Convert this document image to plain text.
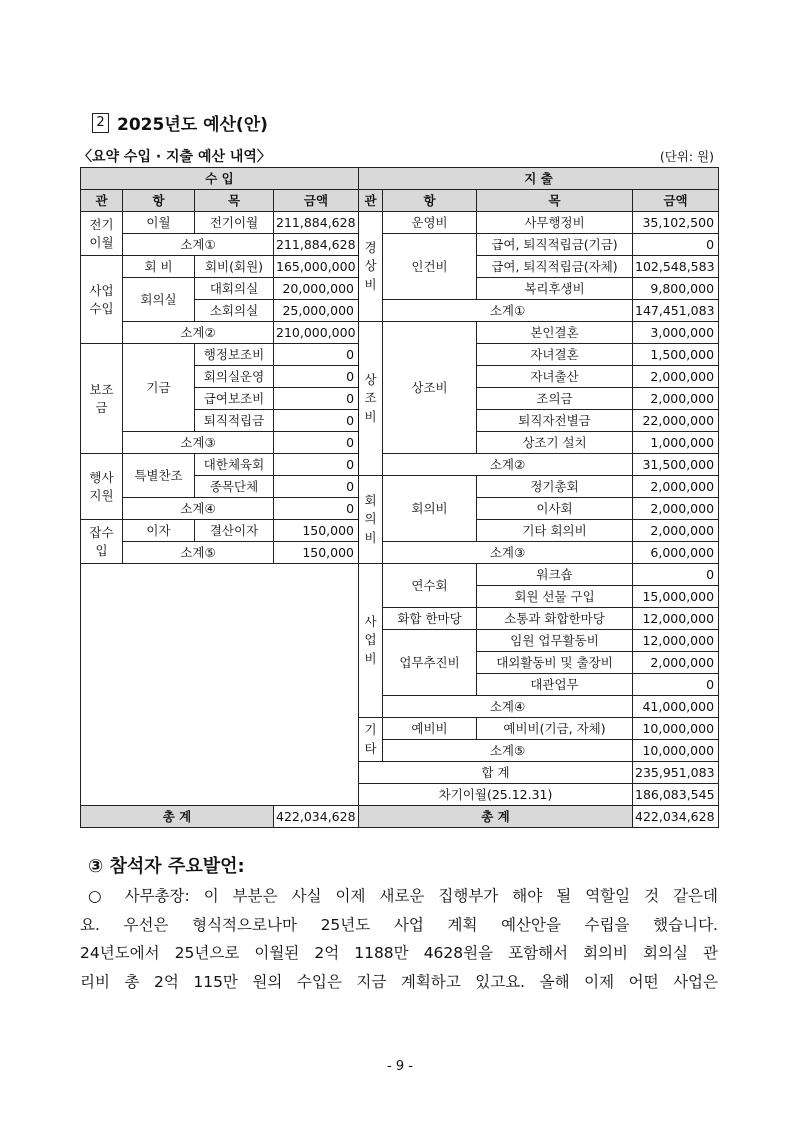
2 2025년도 예산(안)
〈요약 수입 · 지출 예산 내역〉	(단위: 원)
수 입				지 출			
관	항	목	금액	관	항	목	금액
전기이월	이월	전기이월	211,884,628	경상비	운영비	사무행정비	35,102,500
	소계①		211,884,628		인건비	급여, 퇴직적립금(기금)	0
사업수입	회 비	회비(회원)	165,000,000			급여, 퇴직적립금(자체)	102,548,583
	회의실	대회의실	20,000,000			복리후생비	9,800,000
		소회의실	25,000,000		소계①		147,451,083
	소계②		210,000,000	상조비	상조비	본인결혼	3,000,000
보조금	기금	행정보조비	0			자녀결혼	1,500,000
		회의실운영	0			자녀출산	2,000,000
		급여보조비	0			조의금	2,000,000
		퇴직적립금	0			퇴직자전별금	22,000,000
	소계③		0			상조기 설치	1,000,000
행사지원	특별찬조	대한체육회	0		소계②		31,500,000
		종목단체	0	회의비	회의비	정기총회	2,000,000
	소계④		0			이사회	2,000,000
잡수입	이자	결산이자	150,000			기타 회의비	2,000,000
	소계⑤		150,000		소계③		6,000,000
				사업비	연수회	워크숍	0
						회원 선물 구입	15,000,000
					화합 한마당	소통과 화합한마당	12,000,000
					업무추진비	임원 업무활동비	12,000,000
						대외활동비 및 출장비	2,000,000
						대관업무	0
					소계④		41,000,000
				기타	예비비	예비비(기금, 자체)	10,000,000
					소계⑤		10,000,000
				합 계			235,951,083
				차기이월(25.12.31)			186,083,545
총 계			422,034,628	총 계			422,034,628
③ 참석자 주요발언:
○ 사무총장: 이 부분은 사실 이제 새로운 집행부가 해야 될 역할일 것 같은데
요. 우선은 형식적으로나마 25년도 사업 계획 예산안을 수립을 했습니다.
24년도에서 25년으로 이월된 2억 1188만 4628원을 포함해서 회의비 회의실 관
리비 총 2억 115만 원의 수입은 지금 계획하고 있고요. 올해 이제 어떤 사업은
- 9 -
